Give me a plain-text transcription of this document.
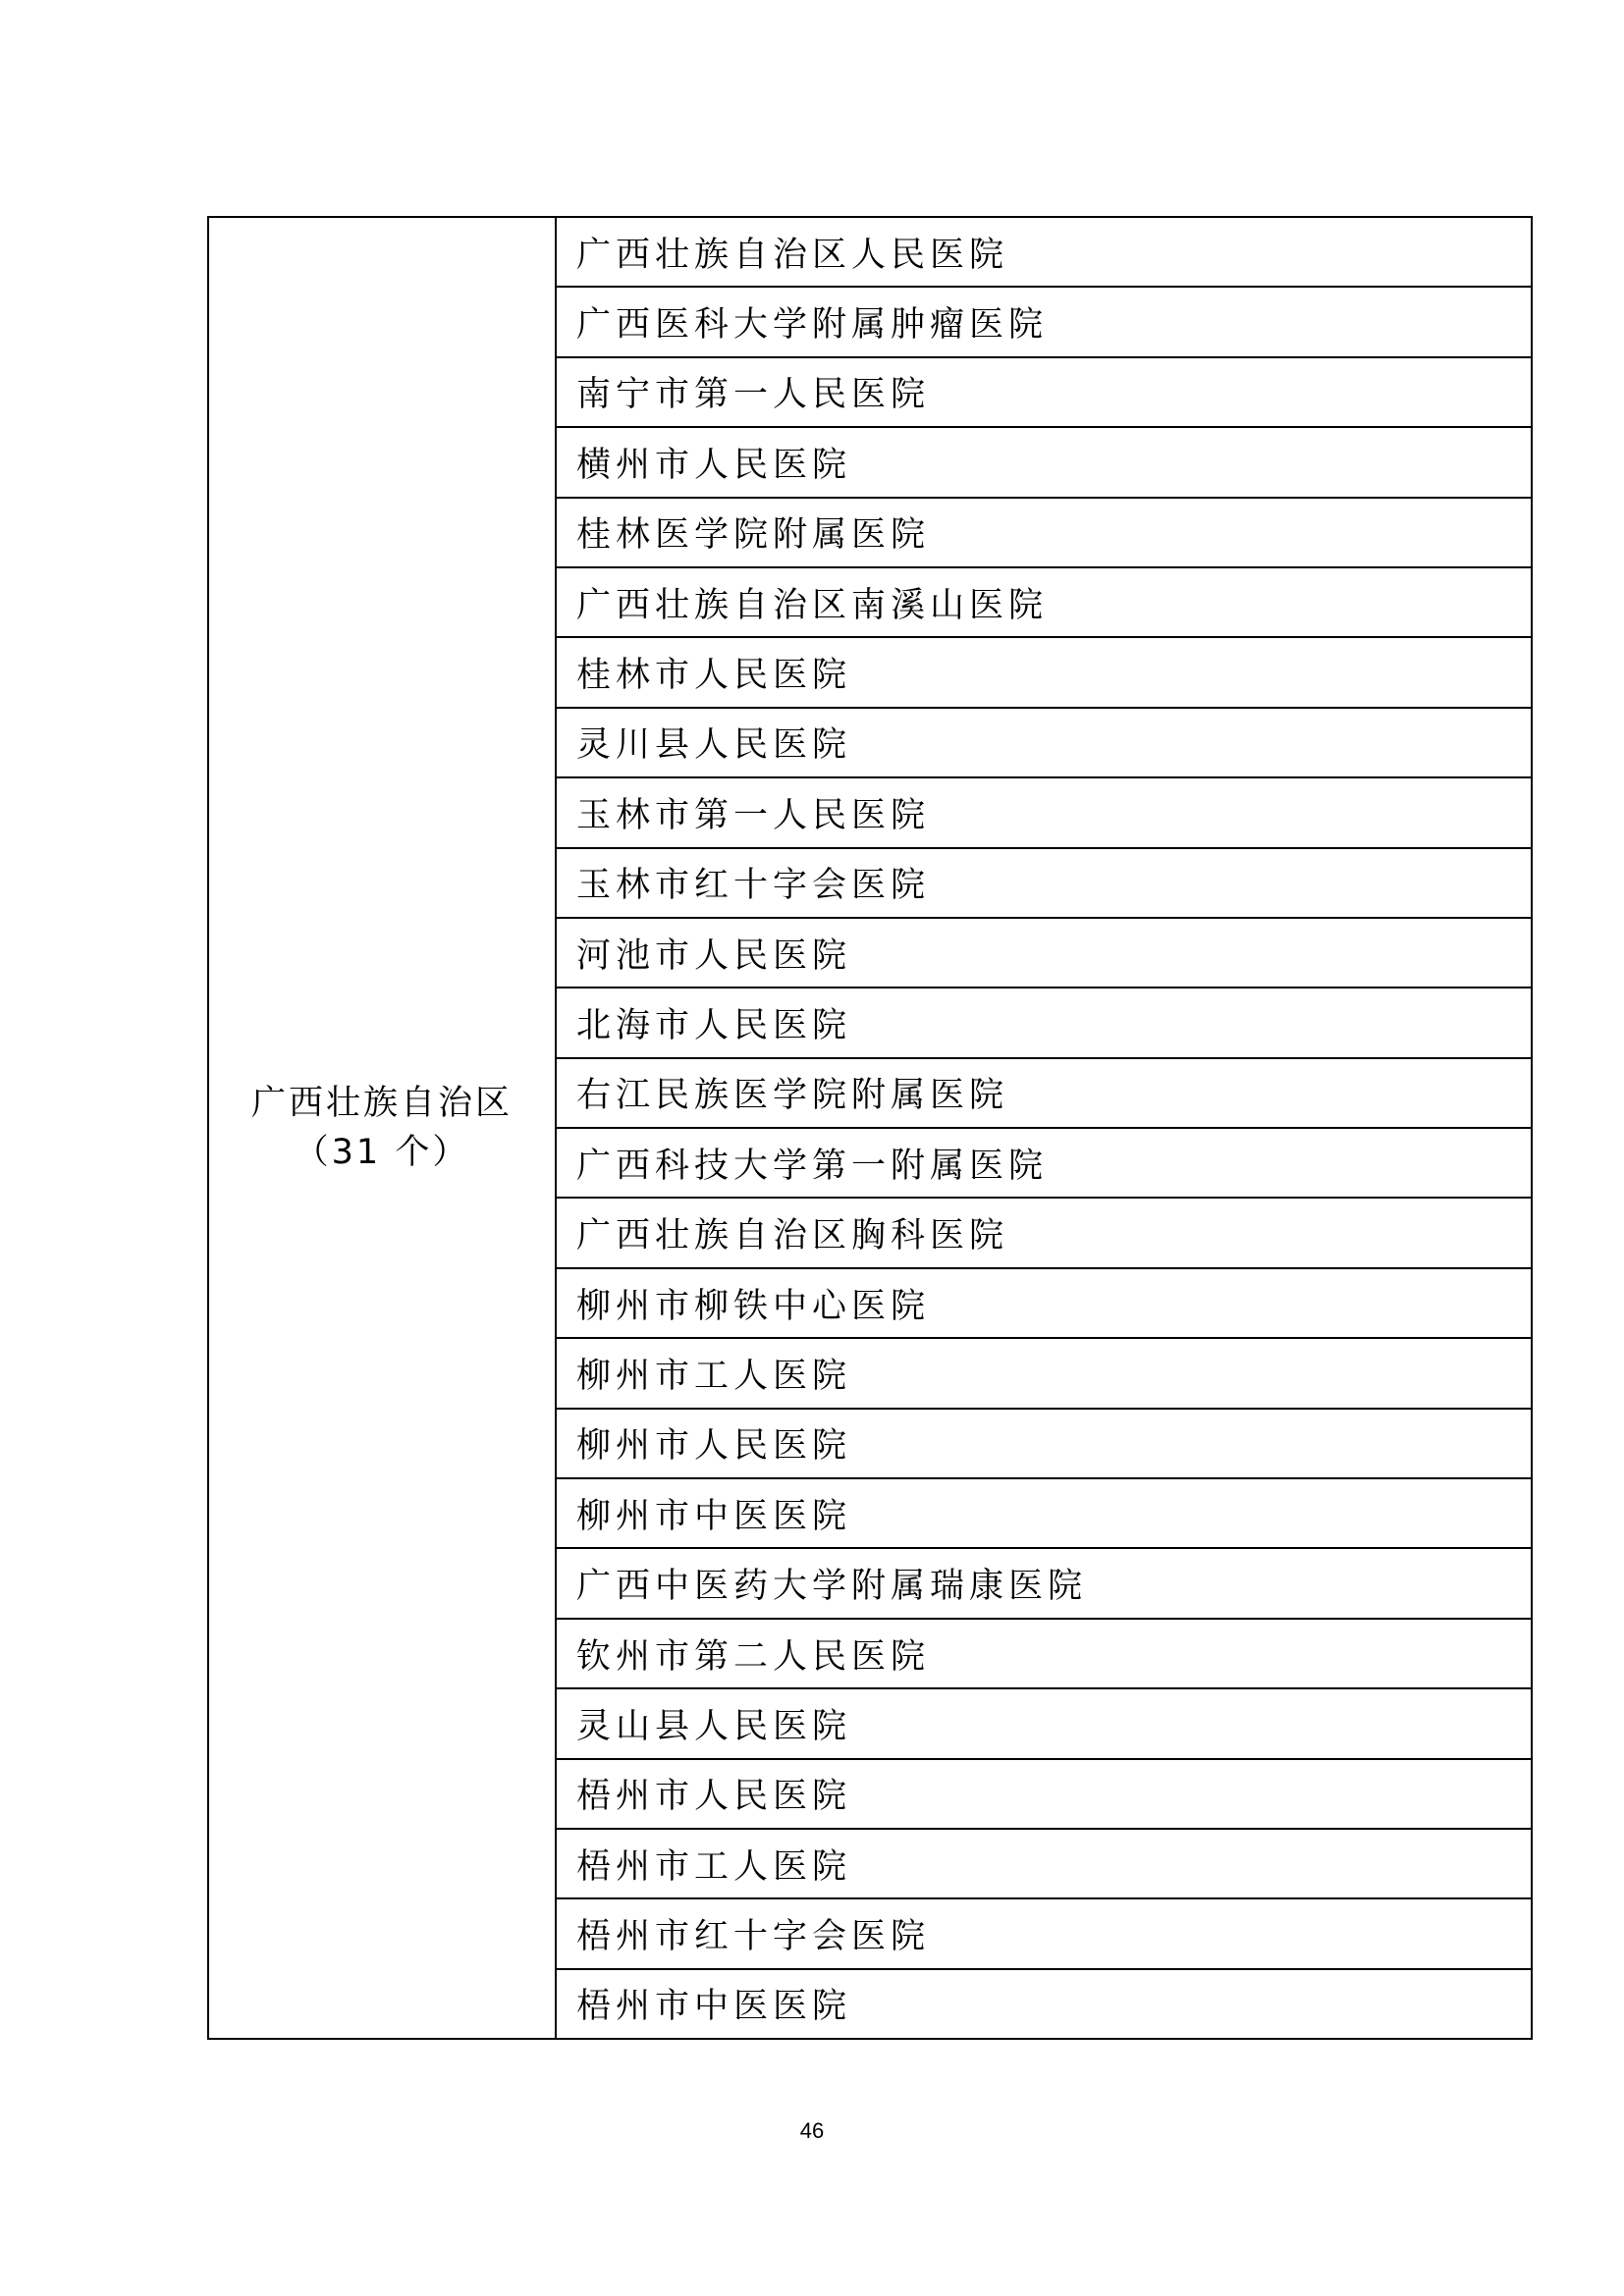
广西壮族自治区
（31 个）
	广西壮族自治区人民医院
广西医科大学附属肿瘤医院
南宁市第一人民医院
横州市人民医院
桂林医学院附属医院
广西壮族自治区南溪山医院
桂林市人民医院
灵川县人民医院
玉林市第一人民医院
玉林市红十字会医院
河池市人民医院
北海市人民医院
右江民族医学院附属医院
广西科技大学第一附属医院
广西壮族自治区胸科医院
柳州市柳铁中心医院
柳州市工人医院
柳州市人民医院
柳州市中医医院
广西中医药大学附属瑞康医院
钦州市第二人民医院
灵山县人民医院
梧州市人民医院
梧州市工人医院
梧州市红十字会医院
梧州市中医医院
46
